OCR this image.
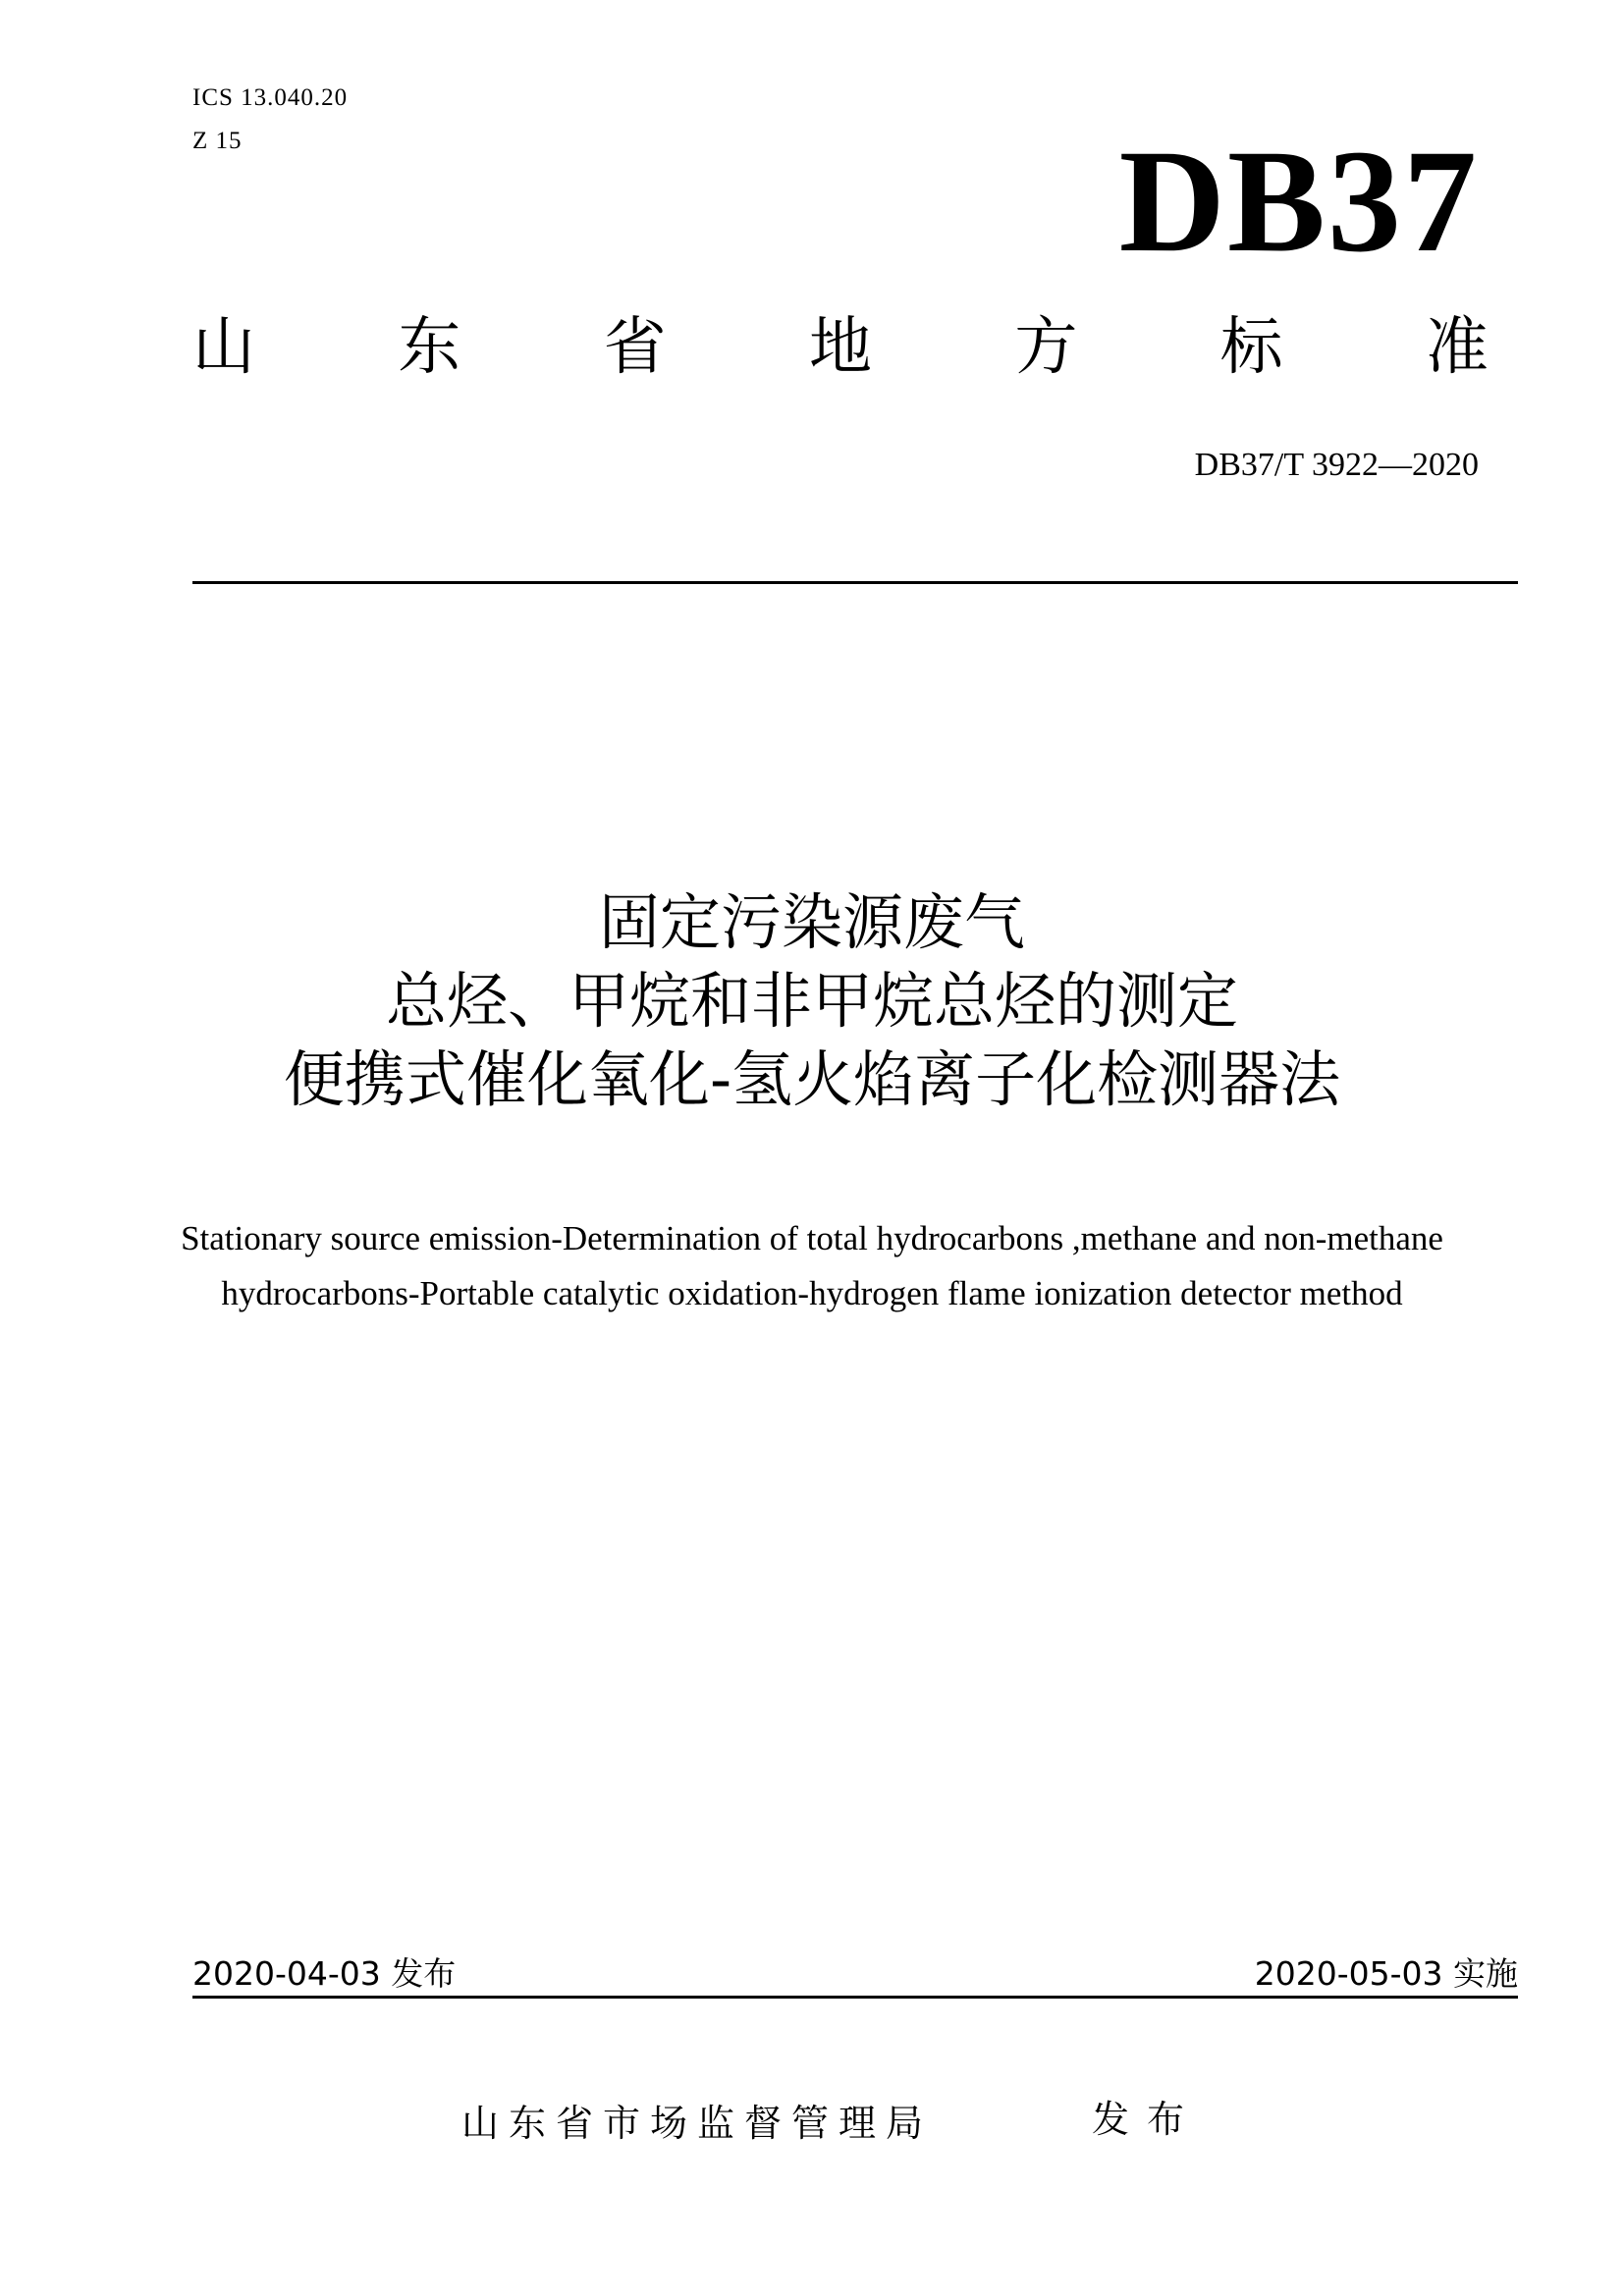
ICS 13.040.20
Z 15	DB37
山 东 省 地 方 标 准
DB37/T 3922—2020
固定污染源废气
总烃、甲烷和非甲烷总烃的测定
便携式催化氧化-氢火焰离子化检测器法
Stationary source emission-Determination of total hydrocarbons ,methane and non-methane hydrocarbons-Portable catalytic oxidation-hydrogen flame ionization detector method
2020-04-03 发布	2020-05-03 实施
山东省市场监督管理局	发布
